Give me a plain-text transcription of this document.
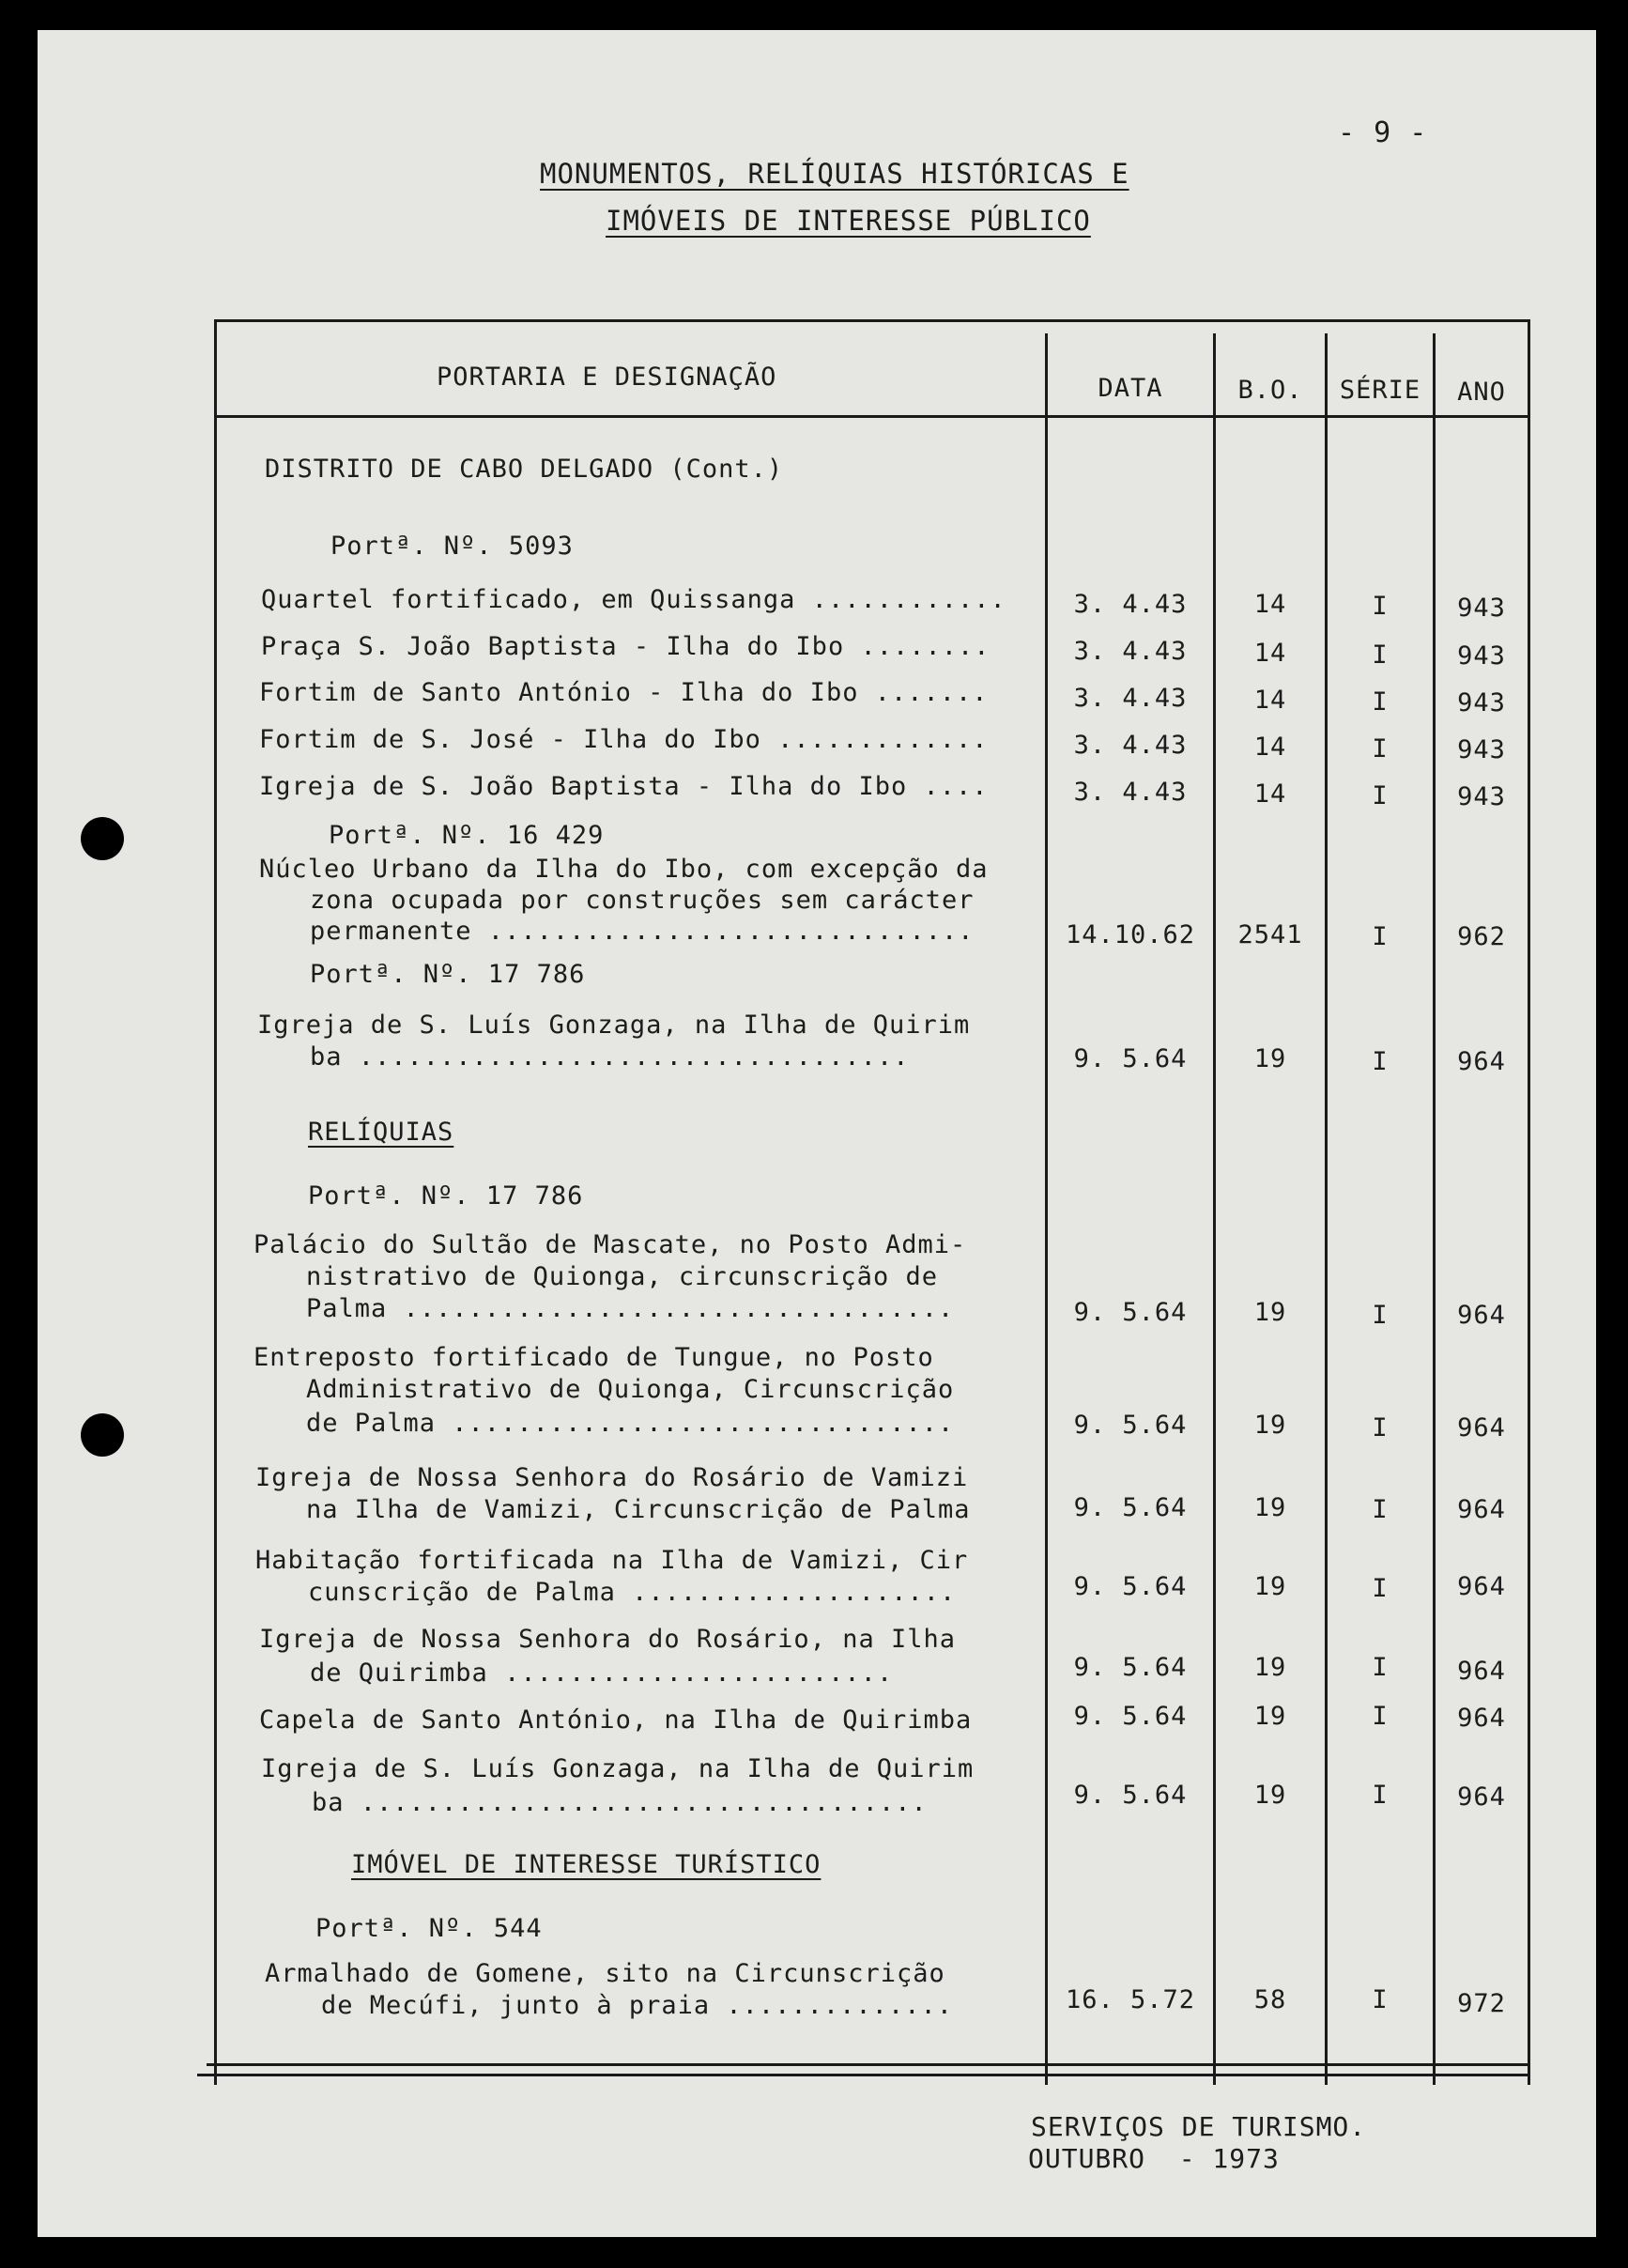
- 9 -
MONUMENTOS, RELÍQUIAS HISTÓRICAS E
IMÓVEIS DE INTERESSE PÚBLICO
PORTARIA E DESIGNAÇÃO	DATA	B.O.	SÉRIE	ANO
DISTRITO DE CABO DELGADO (Cont.)
Portª. Nº. 5093
Quartel fortificado, em Quissanga ............	3. 4.43	14	I	943
Praça S. João Baptista - Ilha do Ibo ........	3. 4.43	14	I	943
Fortim de Santo António - Ilha do Ibo .......	3. 4.43	14	I	943
Fortim de S. José - Ilha do Ibo .............	3. 4.43	14	I	943
Igreja de S. João Baptista - Ilha do Ibo ....	3. 4.43	14	I	943
Portª. Nº. 16 429
Núcleo Urbano da Ilha do Ibo, com excepção da
zona ocupada por construções sem carácter
permanente ..............................	14.10.62	2541	I	962
Portª. Nº. 17 786
Igreja de S. Luís Gonzaga, na Ilha de Quirim
ba ..................................	9. 5.64	19	I	964
RELÍQUIAS
Portª. Nº. 17 786
Palácio do Sultão de Mascate, no Posto Admi-
nistrativo de Quionga, circunscrição de
Palma ..................................	9. 5.64	19	I	964
Entreposto fortificado de Tungue, no Posto
Administrativo de Quionga, Circunscrição
de Palma ...............................	9. 5.64	19	I	964
Igreja de Nossa Senhora do Rosário de Vamizi
na Ilha de Vamizi, Circunscrição de Palma	9. 5.64	19	I	964
Habitação fortificada na Ilha de Vamizi, Cir
cunscrição de Palma ....................	9. 5.64	19	I	964
Igreja de Nossa Senhora do Rosário, na Ilha
de Quirimba ........................	9. 5.64	19	I	964
Capela de Santo António, na Ilha de Quirimba	9. 5.64	19	I	964
Igreja de S. Luís Gonzaga, na Ilha de Quirim
ba ...................................	9. 5.64	19	I	964
IMÓVEL DE INTERESSE TURÍSTICO
Portª. Nº. 544
Armalhado de Gomene, sito na Circunscrição
de Mecúfi, junto à praia ..............	16. 5.72	58	I	972
SERVIÇOS DE TURISMO.
OUTUBRO  - 1973
